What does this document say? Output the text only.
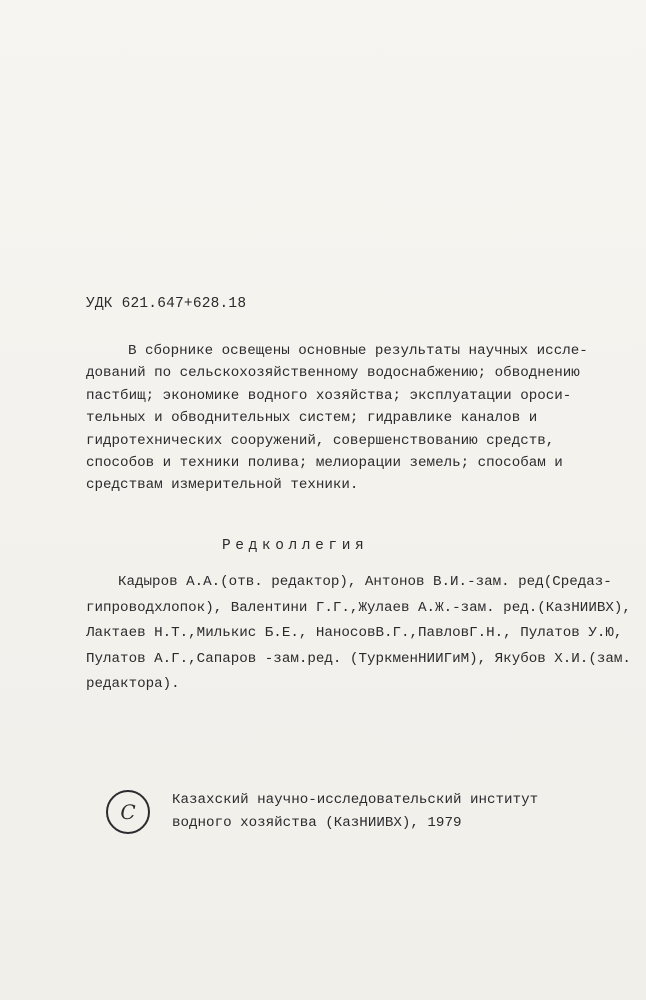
УДК 621.647+628.18
В сборнике освещены основные результаты научных иссле-
дований по сельскохозяйственному водоснабжению; обводнению
пастбищ; экономике водного хозяйства; эксплуатации ороси-
тельных и обводнительных систем; гидравлике каналов и
гидротехнических сооружений, совершенствованию средств,
способов и техники полива; мелиорации земель; способам и
средствам измерительной техники.
Редколлегия
Кадыров А.А.(отв. редактор), Антонов В.И.-зам. ред(Средаз-
гипроводхлопок), Валентини Г.Г.,Жулаев А.Ж.-зам. ред.(КазНИИВХ),
Лактаев Н.Т.,Милькис Б.Е., НаносовВ.Г.,ПавловГ.Н., Пулатов У.Ю,
Пулатов А.Г.,Сапаров -зам.ред. (ТуркменНИИГиМ), Якубов Х.И.(зам.
редактора).
С	Казахский научно-исследовательский институт
водного хозяйства (КазНИИВХ), 1979
